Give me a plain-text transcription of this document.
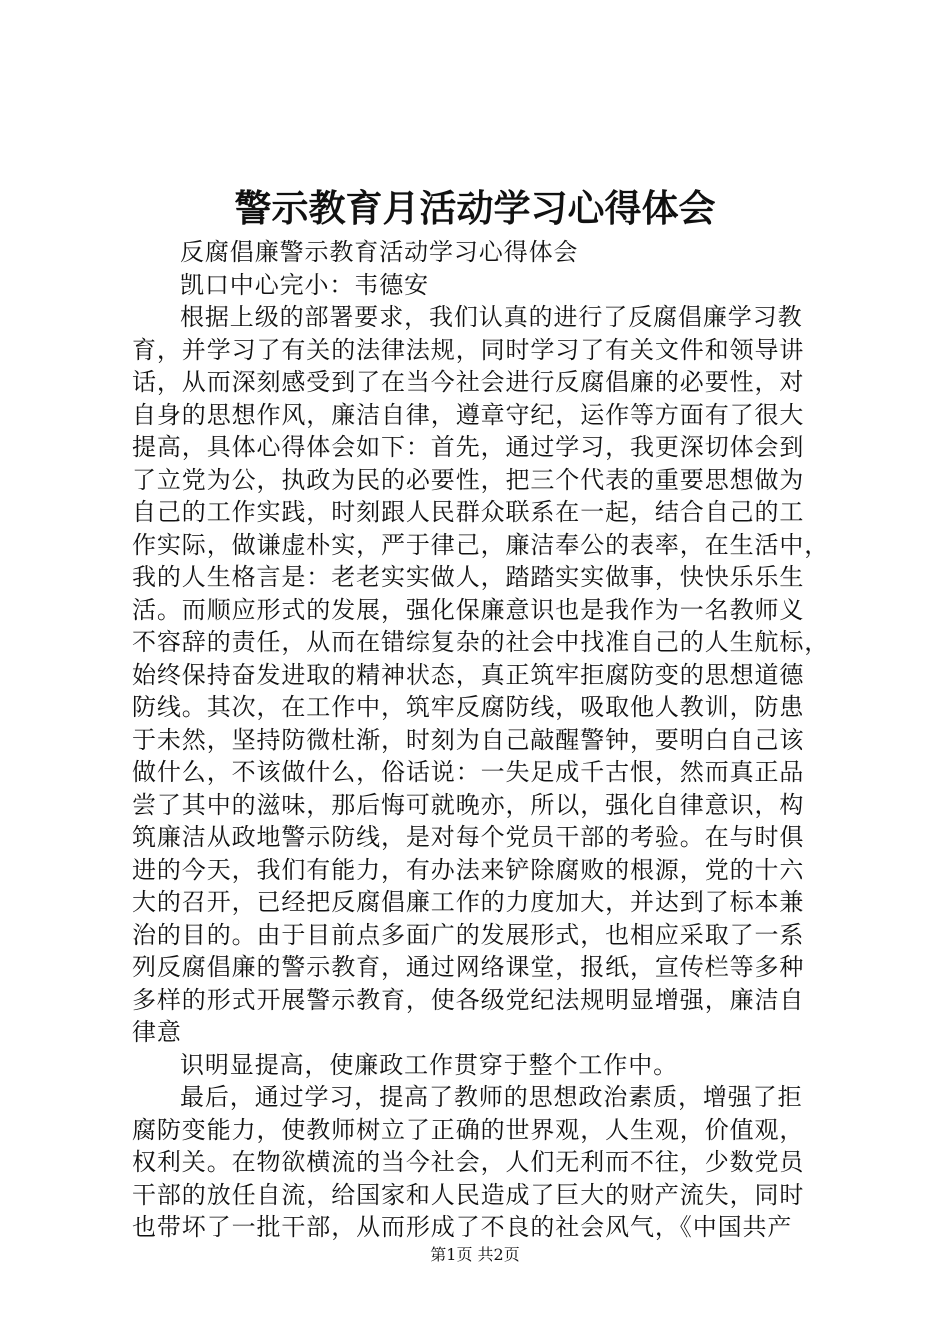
警示教育月活动学习心得体会
反腐倡廉警示教育活动学习心得体会
凯口中心完小：韦德安
根据上级的部署要求，我们认真的进行了反腐倡廉学习教
育，并学习了有关的法律法规，同时学习了有关文件和领导讲
话，从而深刻感受到了在当今社会进行反腐倡廉的必要性，对
自身的思想作风，廉洁自律，遵章守纪，运作等方面有了很大
提高，具体心得体会如下：首先，通过学习，我更深切体会到
了立党为公，执政为民的必要性，把三个代表的重要思想做为
自己的工作实践，时刻跟人民群众联系在一起，结合自己的工
作实际，做谦虚朴实，严于律己，廉洁奉公的表率，在生活中，
我的人生格言是：老老实实做人，踏踏实实做事，快快乐乐生
活。而顺应形式的发展，强化保廉意识也是我作为一名教师义
不容辞的责任，从而在错综复杂的社会中找准自己的人生航标，
始终保持奋发进取的精神状态，真正筑牢拒腐防变的思想道德
防线。其次，在工作中，筑牢反腐防线，吸取他人教训，防患
于未然，坚持防微杜渐，时刻为自己敲醒警钟，要明白自己该
做什么，不该做什么，俗话说：一失足成千古恨，然而真正品
尝了其中的滋味，那后悔可就晚亦，所以，强化自律意识，构
筑廉洁从政地警示防线，是对每个党员干部的考验。在与时俱
进的今天，我们有能力，有办法来铲除腐败的根源，党的十六
大的召开，已经把反腐倡廉工作的力度加大，并达到了标本兼
治的目的。由于目前点多面广的发展形式，也相应采取了一系
列反腐倡廉的警示教育，通过网络课堂，报纸，宣传栏等多种
多样的形式开展警示教育，使各级党纪法规明显增强，廉洁自
律意
识明显提高，使廉政工作贯穿于整个工作中。
最后，通过学习，提高了教师的思想政治素质，增强了拒
腐防变能力，使教师树立了正确的世界观，人生观，价值观，
权利关。在物欲横流的当今社会，人们无利而不往，少数党员
干部的放任自流，给国家和人民造成了巨大的财产流失，同时
也带坏了一批干部，从而形成了不良的社会风气，《中国共产
第1页 共2页
